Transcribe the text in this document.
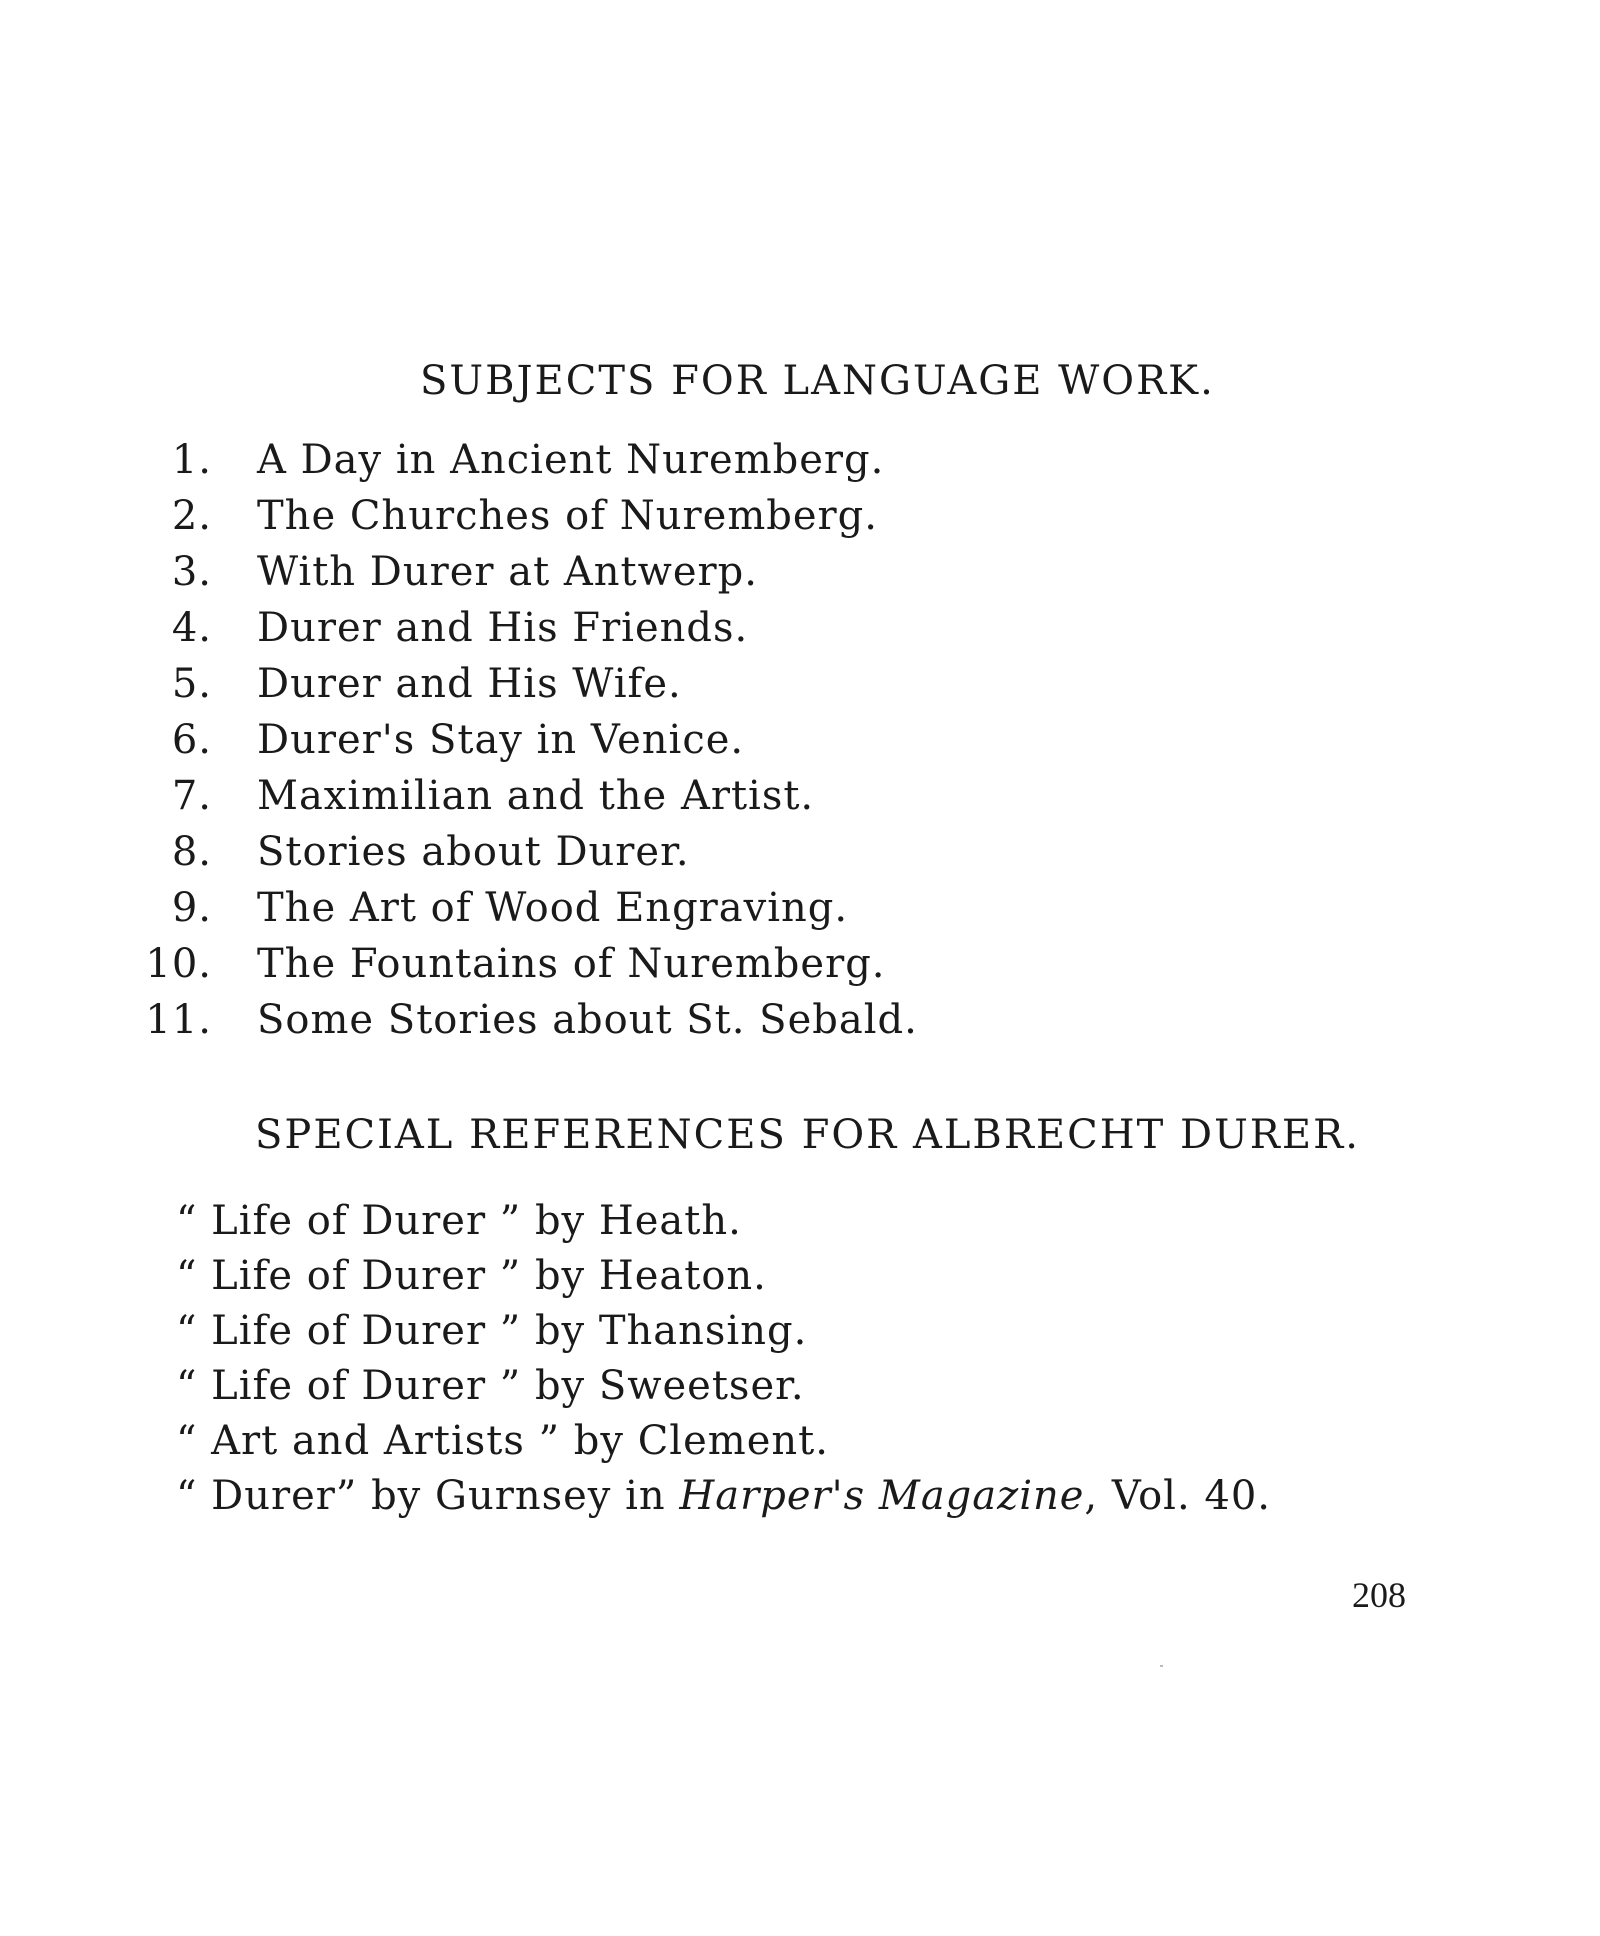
SUBJECTS FOR LANGUAGE WORK.
1. A Day in Ancient Nuremberg.
2. The Churches of Nuremberg.
3. With Durer at Antwerp.
4. Durer and His Friends.
5. Durer and His Wife.
6. Durer's Stay in Venice.
7. Maximilian and the Artist.
8. Stories about Durer.
9. The Art of Wood Engraving.
10. The Fountains of Nuremberg.
11. Some Stories about St. Sebald.
SPECIAL REFERENCES FOR ALBRECHT DURER.
“ Life of Durer ” by Heath.
“ Life of Durer ” by Heaton.
“ Life of Durer ” by Thansing.
“ Life of Durer ” by Sweetser.
“ Art and Artists ” by Clement.
“ Durer” by Gurnsey in Harper's Magazine, Vol. 40.
208
